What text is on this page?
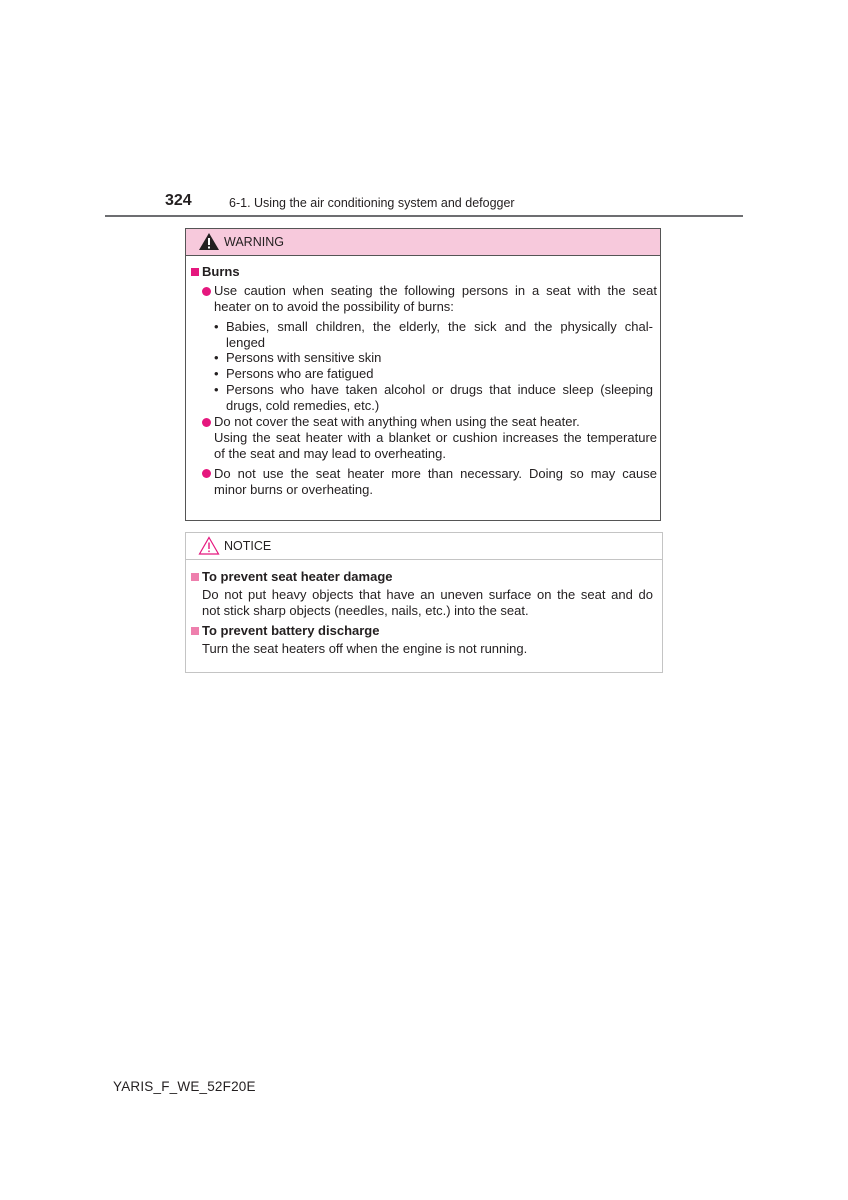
324	6-1. Using the air conditioning system and defogger
WARNING
Burns
Use caution when seating the following persons in a seat with the seat
heater on to avoid the possibility of burns:
• Babies, small children, the elderly, the sick and the physically chal-
lenged
• Persons with sensitive skin
• Persons who are fatigued
• Persons who have taken alcohol or drugs that induce sleep (sleeping
drugs, cold remedies, etc.)
Do not cover the seat with anything when using the seat heater.
Using the seat heater with a blanket or cushion increases the temperature
of the seat and may lead to overheating.
Do not use the seat heater more than necessary. Doing so may cause
minor burns or overheating.
NOTICE
To prevent seat heater damage
Do not put heavy objects that have an uneven surface on the seat and do
not stick sharp objects (needles, nails, etc.) into the seat.
To prevent battery discharge
Turn the seat heaters off when the engine is not running.
YARIS_F_WE_52F20E
